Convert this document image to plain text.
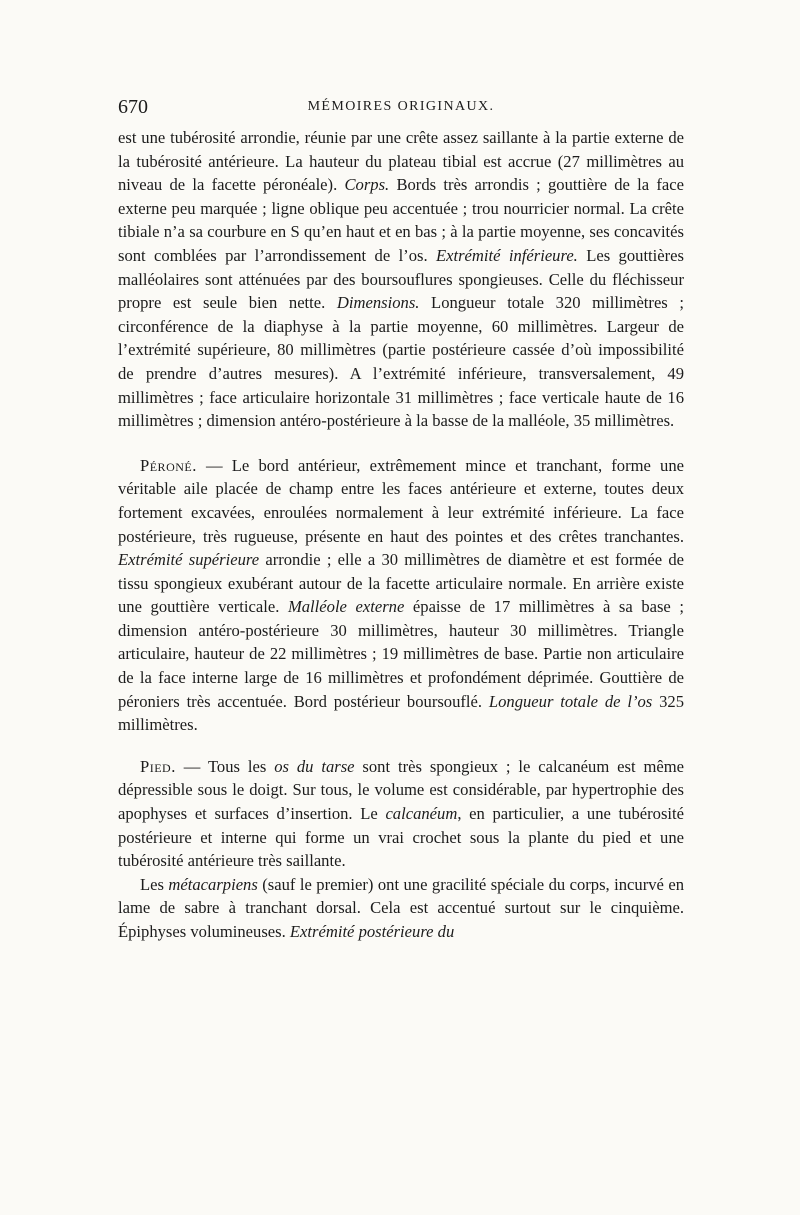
670	MÉMOIRES ORIGINAUX.

est une tubérosité arrondie, réunie par une crête assez saillante à la partie externe de la tubérosité antérieure. La hauteur du plateau tibial est accrue (27 millimètres au niveau de la facette péronéale). Corps. Bords très arrondis ; gouttière de la face externe peu marquée ; ligne oblique peu accentuée ; trou nourricier normal. La crête tibiale n’a sa courbure en S qu’en haut et en bas ; à la partie moyenne, ses concavités sont comblées par l’arrondissement de l’os. Extrémité inférieure. Les gouttières malléolaires sont atténuées par des boursouflures spongieuses. Celle du fléchisseur propre est seule bien nette. Dimensions. Longueur totale 320 millimètres ; circonférence de la diaphyse à la partie moyenne, 60 millimètres. Largeur de l’extrémité supérieure, 80 millimètres (partie postérieure cassée d’où impossibilité de prendre d’autres mesures). A l’extrémité inférieure, transversalement, 49 millimètres ; face articulaire horizontale 31 millimètres ; face verticale haute de 16 millimètres ; dimension antéro-postérieure à la basse de la malléole, 35 millimètres.

Péroné. — Le bord antérieur, extrêmement mince et tranchant, forme une véritable aile placée de champ entre les faces antérieure et externe, toutes deux fortement excavées, enroulées normalement à leur extrémité inférieure. La face postérieure, très rugueuse, présente en haut des pointes et des crêtes tranchantes. Extrémité supérieure arrondie ; elle a 30 millimètres de diamètre et est formée de tissu spongieux exubérant autour de la facette articulaire normale. En arrière existe une gouttière verticale. Malléole externe épaisse de 17 millimètres à sa base ; dimension antéro-postérieure 30 millimètres, hauteur 30 millimètres. Triangle articulaire, hauteur de 22 millimètres ; 19 millimètres de base. Partie non articulaire de la face interne large de 16 millimètres et profondément déprimée. Gouttière de péroniers très accentuée. Bord postérieur boursouflé. Longueur totale de l’os 325 millimètres.

Pied. — Tous les os du tarse sont très spongieux ; le calcanéum est même dépressible sous le doigt. Sur tous, le volume est considérable, par hypertrophie des apophyses et surfaces d’insertion. Le calcanéum, en particulier, a une tubérosité postérieure et interne qui forme un vrai crochet sous la plante du pied et une tubérosité antérieure très saillante.

Les métacarpiens (sauf le premier) ont une gracilité spéciale du corps, incurvé en lame de sabre à tranchant dorsal. Cela est accentué surtout sur le cinquième. Épiphyses volumineuses. Extrémité postérieure du
